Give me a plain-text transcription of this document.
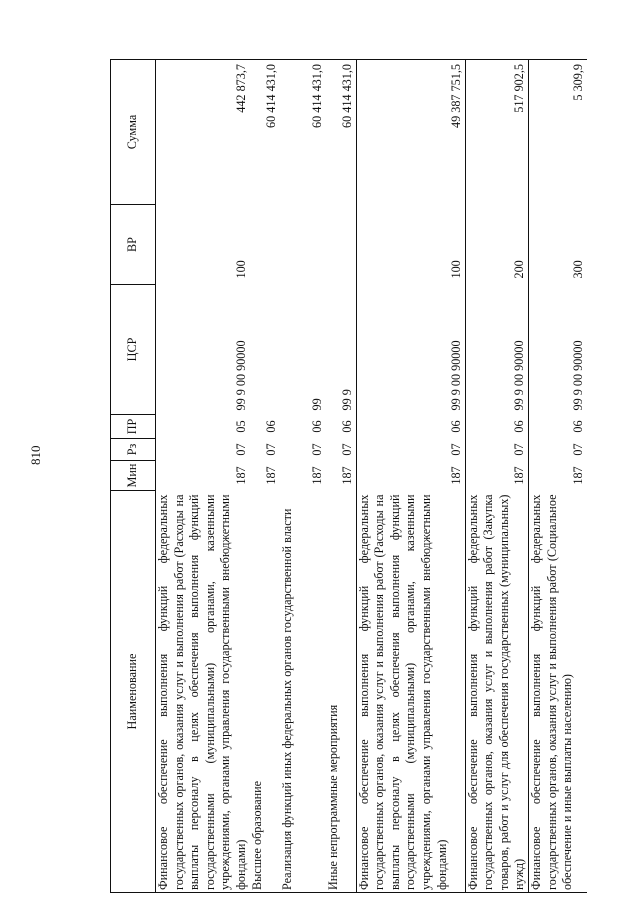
810
Наименование	Мин	Рз	ПР	ЦСР	ВР	Сумма
Финансовое обеспечение выполнения функций федеральных государственных органов, оказания услуг и выполнения работ (Расходы на выплаты персоналу в целях обеспечения выполнения функций государственными (муниципальными) органами, казенными учреждениями, органами управления государственными внебюджетными фондами)	187	07	05	99 9 00 90000	100	442 873,7
Высшее образование	187	07	06			60 414 431,0
Реализация функций иных федеральных органов государственной власти	187	07	06	99		60 414 431,0
Иные непрограммные мероприятия	187	07	06	99 9		60 414 431,0
Финансовое обеспечение выполнения функций федеральных государственных органов, оказания услуг и выполнения работ (Расходы на выплаты персоналу в целях обеспечения выполнения функций государственными (муниципальными) органами, казенными учреждениями, органами управления государственными внебюджетными фондами)	187	07	06	99 9 00 90000	100	49 387 751,5
Финансовое обеспечение выполнения функций федеральных государственных органов, оказания услуг и выполнения работ (Закупка товаров, работ и услуг для обеспечения государственных (муниципальных) нужд)	187	07	06	99 9 00 90000	200	517 902,5
Финансовое обеспечение выполнения функций федеральных государственных органов, оказания услуг и выполнения работ (Социальное обеспечение и иные выплаты населению)	187	07	06	99 9 00 90000	300	5 309,9
